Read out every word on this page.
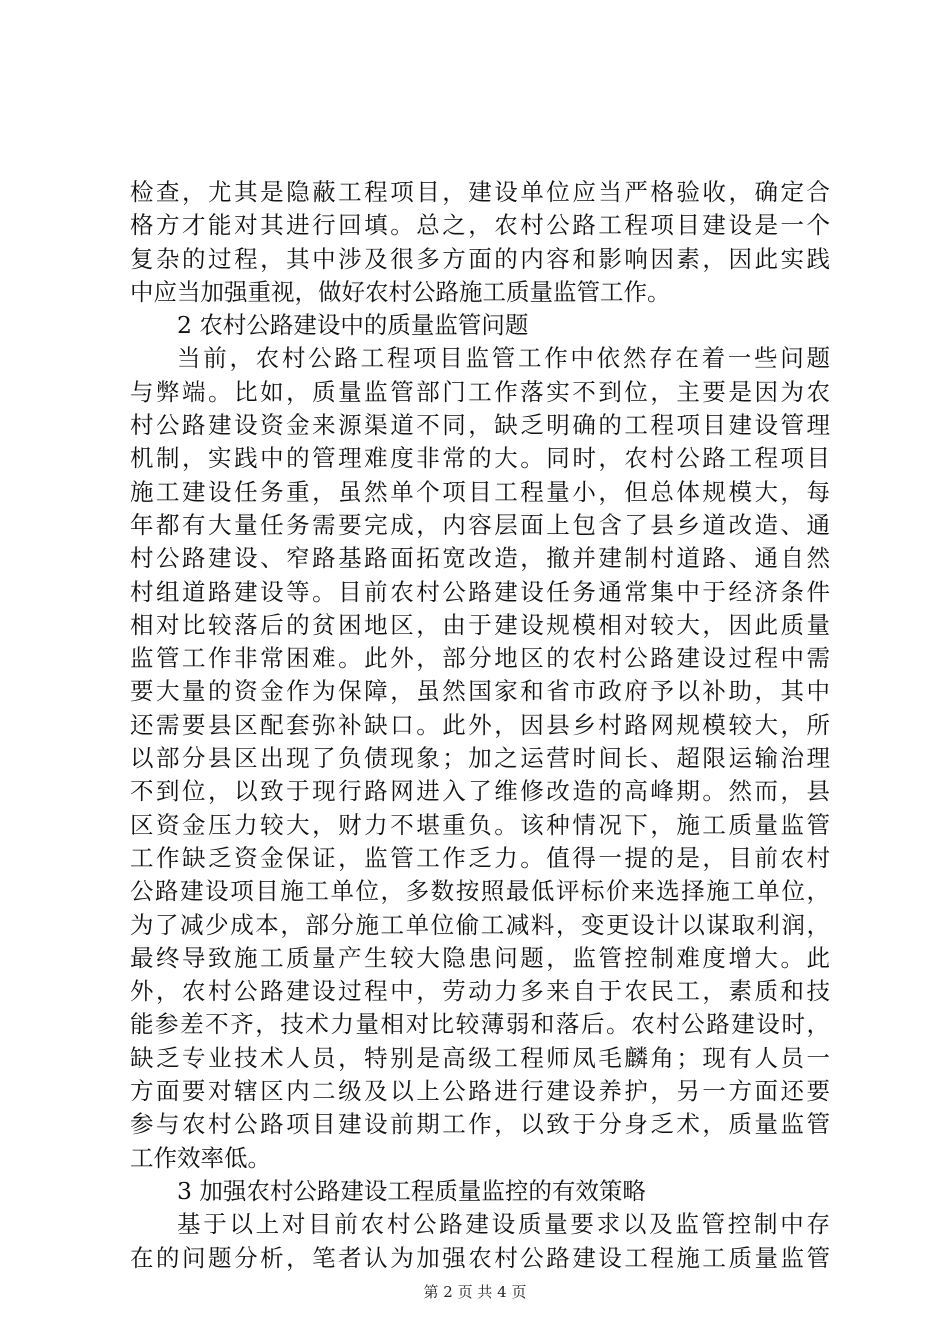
检查，尤其是隐蔽工程项目，建设单位应当严格验收，确定合
格方才能对其进行回填。总之，农村公路工程项目建设是一个
复杂的过程，其中涉及很多方面的内容和影响因素，因此实践
中应当加强重视，做好农村公路施工质量监管工作。
2 农村公路建设中的质量监管问题
当前，农村公路工程项目监管工作中依然存在着一些问题
与弊端。比如，质量监管部门工作落实不到位，主要是因为农
村公路建设资金来源渠道不同，缺乏明确的工程项目建设管理
机制，实践中的管理难度非常的大。同时，农村公路工程项目
施工建设任务重，虽然单个项目工程量小，但总体规模大，每
年都有大量任务需要完成，内容层面上包含了县乡道改造、通
村公路建设、窄路基路面拓宽改造，撤并建制村道路、通自然
村组道路建设等。目前农村公路建设任务通常集中于经济条件
相对比较落后的贫困地区，由于建设规模相对较大，因此质量
监管工作非常困难。此外，部分地区的农村公路建设过程中需
要大量的资金作为保障，虽然国家和省市政府予以补助，其中
还需要县区配套弥补缺口。此外，因县乡村路网规模较大，所
以部分县区出现了负债现象；加之运营时间长、超限运输治理
不到位，以致于现行路网进入了维修改造的高峰期。然而，县
区资金压力较大，财力不堪重负。该种情况下，施工质量监管
工作缺乏资金保证，监管工作乏力。值得一提的是，目前农村
公路建设项目施工单位，多数按照最低评标价来选择施工单位，
为了减少成本，部分施工单位偷工减料，变更设计以谋取利润，
最终导致施工质量产生较大隐患问题，监管控制难度增大。此
外，农村公路建设过程中，劳动力多来自于农民工，素质和技
能参差不齐，技术力量相对比较薄弱和落后。农村公路建设时，
缺乏专业技术人员，特别是高级工程师凤毛麟角；现有人员一
方面要对辖区内二级及以上公路进行建设养护，另一方面还要
参与农村公路项目建设前期工作，以致于分身乏术，质量监管
工作效率低。
3 加强农村公路建设工程质量监控的有效策略
基于以上对目前农村公路建设质量要求以及监管控制中存
在的问题分析，笔者认为加强农村公路建设工程施工质量监管
第 2 页 共 4 页
